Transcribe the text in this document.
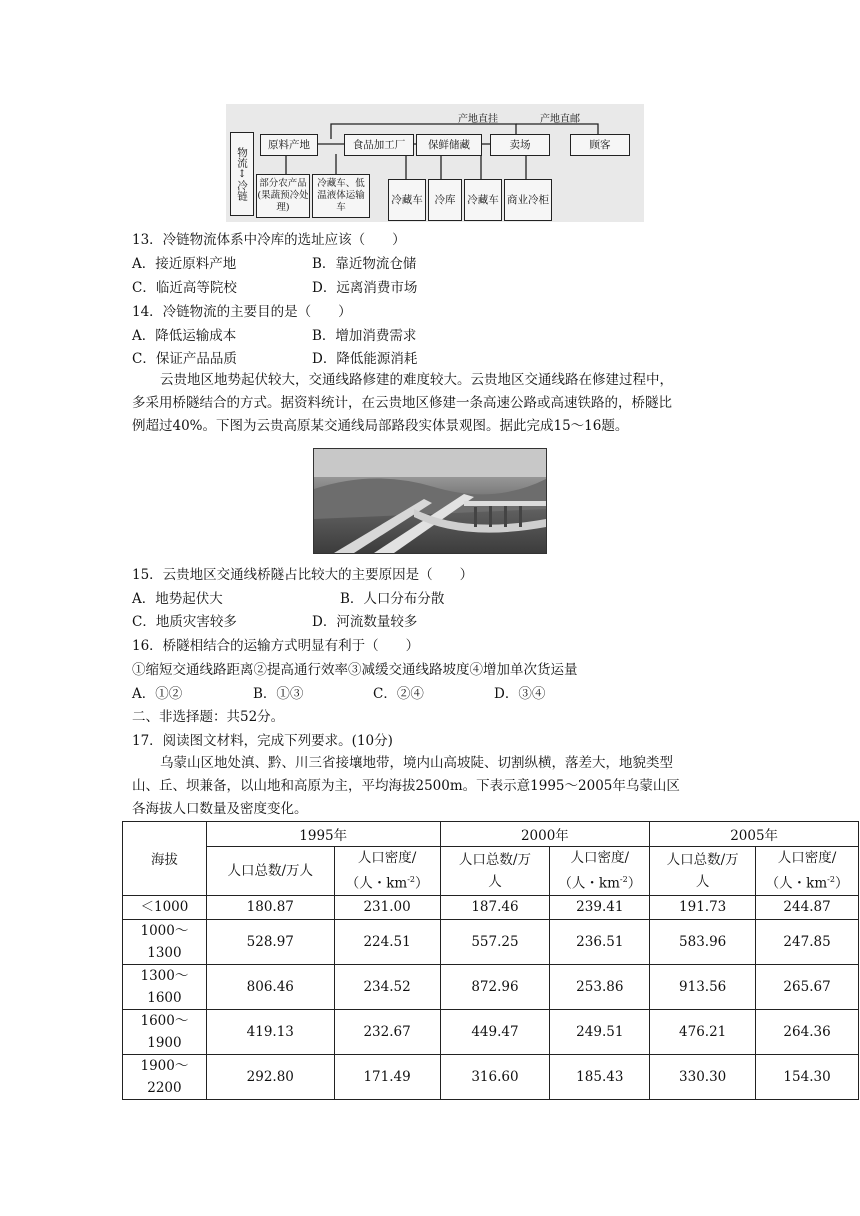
物流
↕
冷链
原料产地	食品加工厂 保鲜储藏	卖场	顾客
产地直挂	产地直邮
部分农产品(果蔬预冷处理)
冷藏车、低温液体运输车
冷藏车 冷库 冷藏车 商业冷柜
13．冷链物流体系中冷库的选址应该（　　）
A．接近原料产地	B．靠近物流仓储
C．临近高等院校	D．远离消费市场
14．冷链物流的主要目的是（　　）
A．降低运输成本	B．增加消费需求
C．保证产品品质	D．降低能源消耗
云贵地区地势起伏较大，交通线路修建的难度较大。云贵地区交通线路在修建过程中，
多采用桥隧结合的方式。据资料统计，在云贵地区修建一条高速公路或高速铁路的，桥隧比
例超过40%。下图为云贵高原某交通线局部路段实体景观图。据此完成15～16题。
15．云贵地区交通线桥隧占比较大的主要原因是（　　）
A．地势起伏大	B．人口分布分散
C．地质灾害较多	D．河流数量较多
16．桥隧相结合的运输方式明显有利于（　　）
①缩短交通线路距离②提高通行效率③减缓交通线路坡度④增加单次货运量
A．①②	B．①③	C．②④	D．③④
二、非选择题：共52分。
17．阅读图文材料，完成下列要求。(10分)
乌蒙山区地处滇、黔、川三省接壤地带，境内山高坡陡、切割纵横，落差大，地貌类型
山、丘、坝兼备，以山地和高原为主，平均海拔2500m。下表示意1995～2005年乌蒙山区
各海拔人口数量及密度变化。
海拔	1995年		2000年		2005年	
	人口总数/万人	人口密度/
（人・$km^{-2}$）	人口总数/万
人	人口密度/
（人・$km^{-2}$）	人口总数/万
人	人口密度/
（人・$km^{-2}$）
＜1000	180.87	231.00	187.46	239.41	191.73	244.87
1000～
1300	528.97	224.51	557.25	236.51	583.96	247.85
1300～
1600	806.46	234.52	872.96	253.86	913.56	265.67
1600～
1900	419.13	232.67	449.47	249.51	476.21	264.36
1900～
2200	292.80	171.49	316.60	185.43	330.30	154.30
